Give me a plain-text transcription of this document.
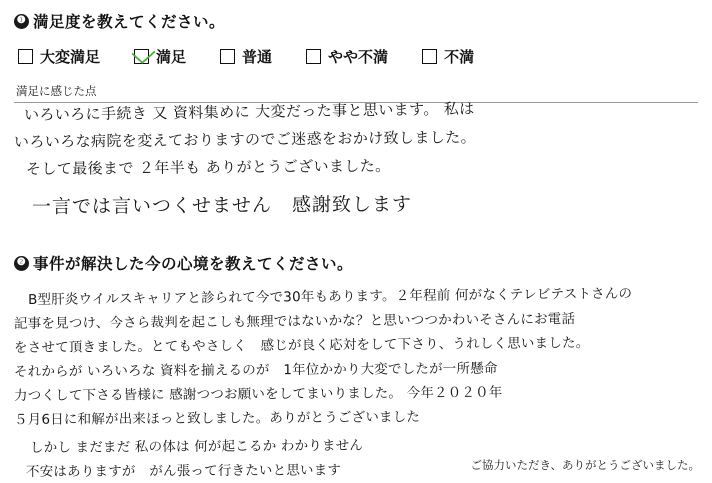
❶ 満足度を教えてください。
大変満足	満足	普通	やや不満	不満
満足に感じた点
いろいろに手続き 又 資料集めに 大変だった事と思います。 私は
いろいろな病院を変えておりますのでご迷惑をおかけ致しました。
そして最後まで ２年半も ありがとうございました。
一言では言いつくせません　感謝致します
❷ 事件が解決した今の心境を教えてください。
B型肝炎ウイルスキャリアと診られて今で30年もあります。２年程前 何がなくテレビテストさんの
記事を見つけ、今さら裁判を起こしも無理ではないかな？と思いつつかわいそさんにお電話
をさせて頂きました。とてもやさしく　感じが良く応対をして下さり、うれしく思いました。
それからが いろいろな 資料を揃えるのが　1年位かかり大変でしたが一所懸命
力つくして下さる皆様に 感謝つつお願いをしてまいりました。 今年２０２０年
５月6日に和解が出来ほっと致しました。ありがとうございました
しかし まだまだ 私の体は 何が起こるか わかりません
不安はありますが　がん張って行きたいと思います	ご協力いただき、ありがとうございました。
